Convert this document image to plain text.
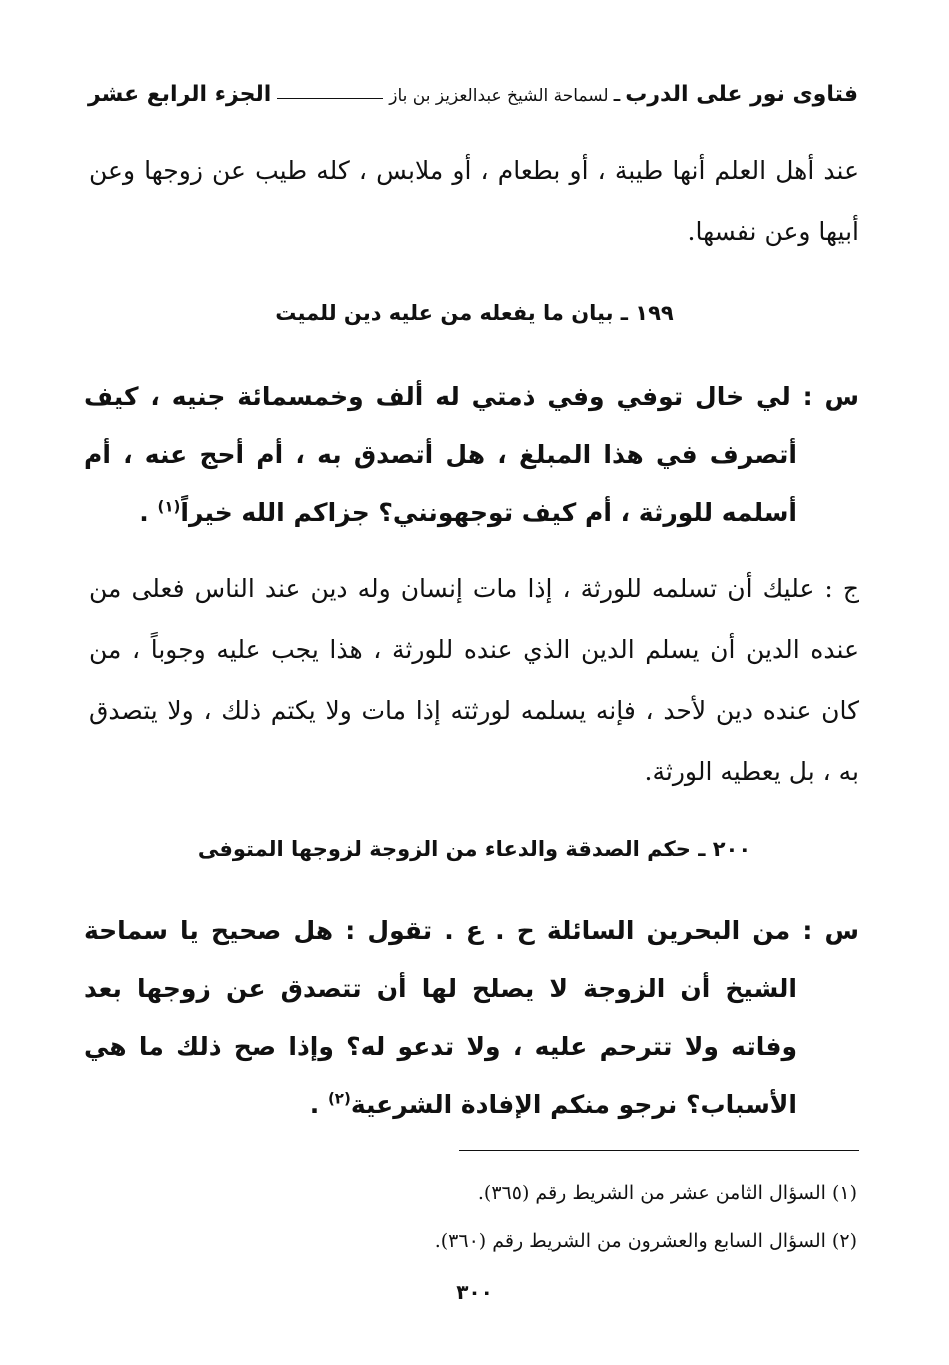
فتاوى نور على الدرب ـ لسماحة الشيخ عبدالعزيز بن باز
الجزء الرابع عشر
عند أهل العلم أنها طيبة ، أو بطعام ، أو ملابس ، كله طيب عن زوجها وعن أبيها وعن نفسها.
١٩٩ ـ بيان ما يفعله من عليه دين للميت
س : لي خال توفي وفي ذمتي له ألف وخمسمائة جنيه ، كيف أتصرف في هذا المبلغ ، هل أتصدق به ، أم أحج عنه ، أم أسلمه للورثة ، أم كيف توجهونني؟ جزاكم الله خيراً$^{(١)}$ .
ج : عليك أن تسلمه للورثة ، إذا مات إنسان وله دين عند الناس فعلى من عنده الدين أن يسلم الدين الذي عنده للورثة ، هذا يجب عليه وجوباً ، من كان عنده دين لأحد ، فإنه يسلمه لورثته إذا مات ولا يكتم ذلك ، ولا يتصدق به ، بل يعطيه الورثة.
٢٠٠ ـ حكم الصدقة والدعاء من الزوجة لزوجها المتوفى
س : من البحرين السائلة ح . ع . تقول : هل صحيح يا سماحة الشيخ أن الزوجة لا يصلح لها أن تتصدق عن زوجها بعد وفاته ولا تترحم عليه ، ولا تدعو له؟ وإذا صح ذلك ما هي الأسباب؟ نرجو منكم الإفادة الشرعية$^{(٢)}$ .
(١) السؤال الثامن عشر من الشريط رقم (٣٦٥).
(٢) السؤال السابع والعشرون من الشريط رقم (٣٦٠).
٣٠٠
